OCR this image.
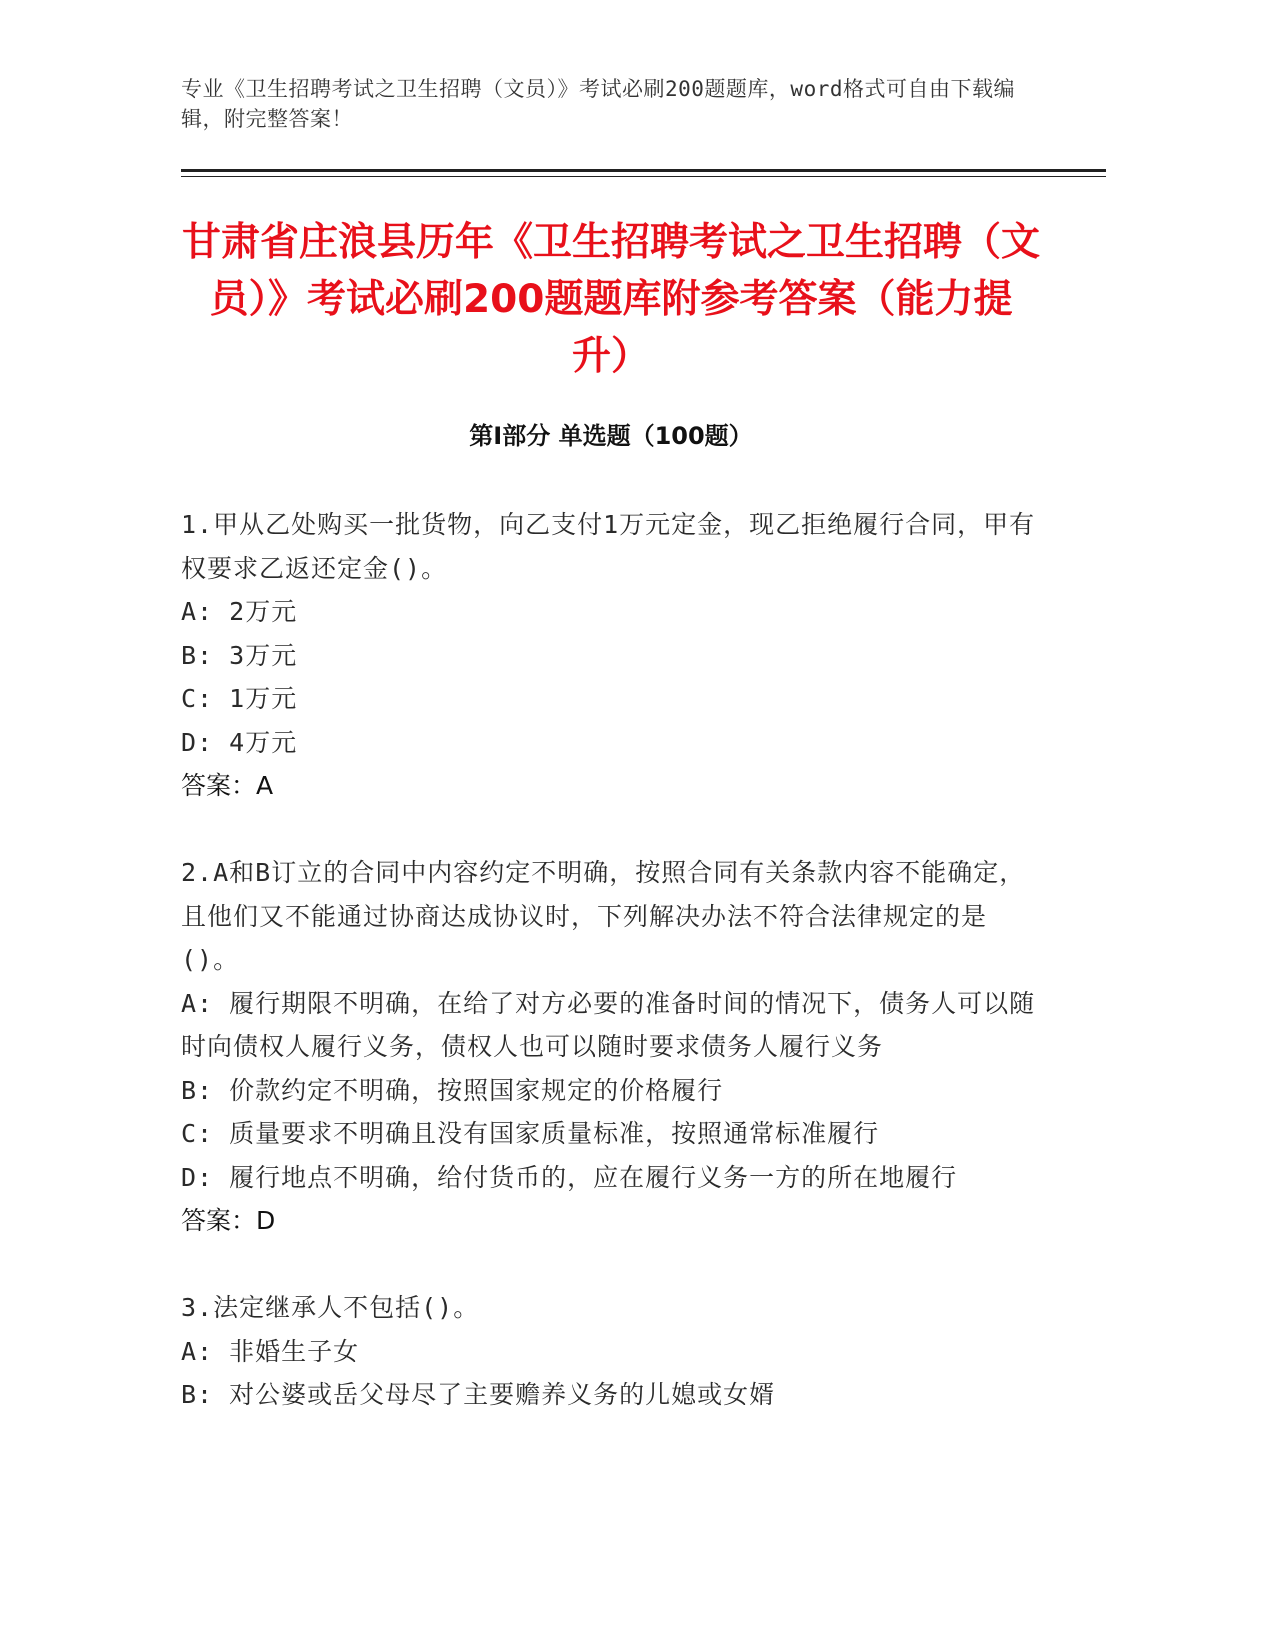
专业《卫生招聘考试之卫生招聘（文员）》考试必刷200题题库，word格式可自由下载编辑，附完整答案！
甘肃省庄浪县历年《卫生招聘考试之卫生招聘（文员）》考试必刷200题题库附参考答案（能力提升）
第I部分 单选题（100题）

1.甲从乙处购买一批货物，向乙支付1万元定金，现乙拒绝履行合同，甲有权要求乙返还定金()。

A: 2万元

B: 3万元

C: 1万元

D: 4万元

答案：A

2.A和B订立的合同中内容约定不明确，按照合同有关条款内容不能确定，且他们又不能通过协商达成协议时，下列解决办法不符合法律规定的是()。

A: 履行期限不明确，在给了对方必要的准备时间的情况下，债务人可以随时向债权人履行义务，债权人也可以随时要求债务人履行义务

B: 价款约定不明确，按照国家规定的价格履行

C: 质量要求不明确且没有国家质量标准，按照通常标准履行

D: 履行地点不明确，给付货币的，应在履行义务一方的所在地履行

答案：D

3.法定继承人不包括()。

A: 非婚生子女

B: 对公婆或岳父母尽了主要赡养义务的儿媳或女婿
